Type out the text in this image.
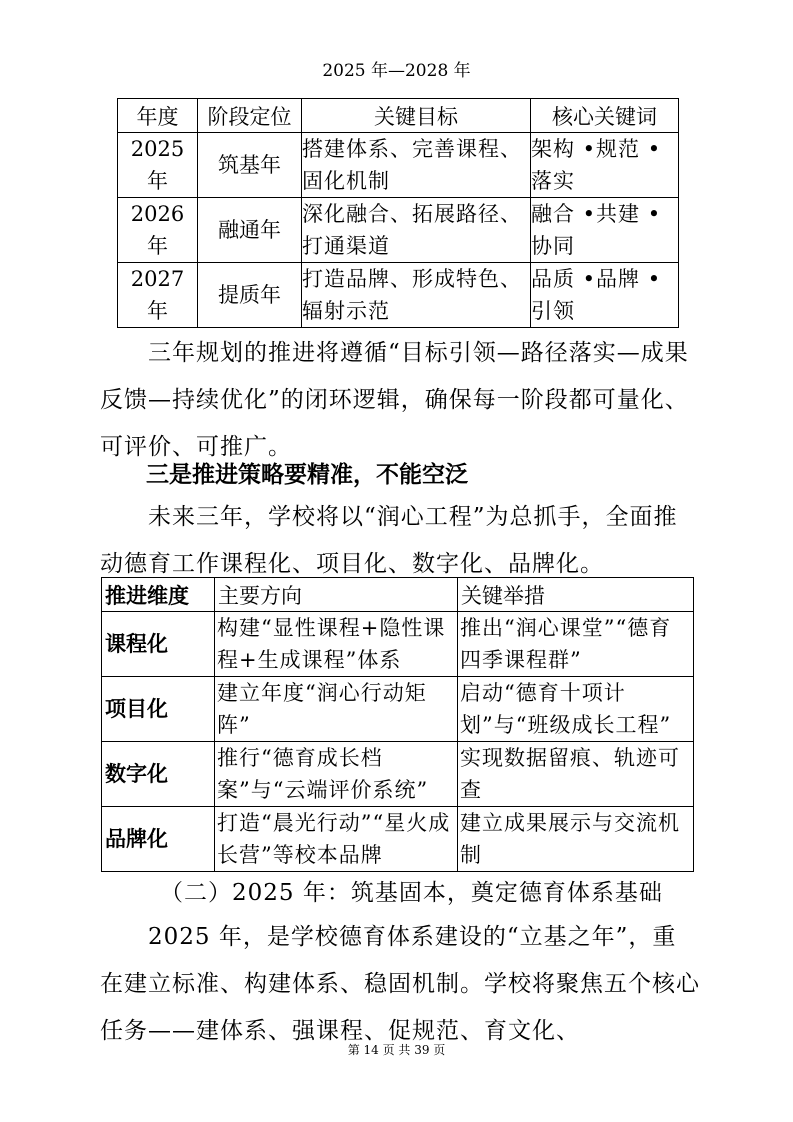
2025 年—2028 年
年度	阶段定位	关键目标	核心关键词
2025 年	筑基年	搭建体系、完善课程、固化机制	架构 •规范 •落实
2026 年	融通年	深化融合、拓展路径、打通渠道	融合 •共建 •协同
2027 年	提质年	打造品牌、形成特色、辐射示范	品质 •品牌 •引领
三年规划的推进将遵循“目标引领—路径落实—成果反馈—持续优化”的闭环逻辑，确保每一阶段都可量化、可评价、可推广。
三是推进策略要精准，不能空泛
未来三年，学校将以“润心工程”为总抓手，全面推动德育工作课程化、项目化、数字化、品牌化。
推进维度	主要方向	关键举措
课程化	构建“显性课程+隐性课程+生成课程”体系	推出“润心课堂”“德育四季课程群”
项目化	建立年度“润心行动矩阵”	启动“德育十项计划”与“班级成长工程”
数字化	推行“德育成长档案”与“云端评价系统”	实现数据留痕、轨迹可查
品牌化	打造“晨光行动”“星火成长营”等校本品牌	建立成果展示与交流机制
（二）2025 年：筑基固本，奠定德育体系基础
2025 年，是学校德育体系建设的“立基之年”，重在建立标准、构建体系、稳固机制。学校将聚焦五个核心任务——建体系、强课程、促规范、育文化、
第 14 页 共 39 页
